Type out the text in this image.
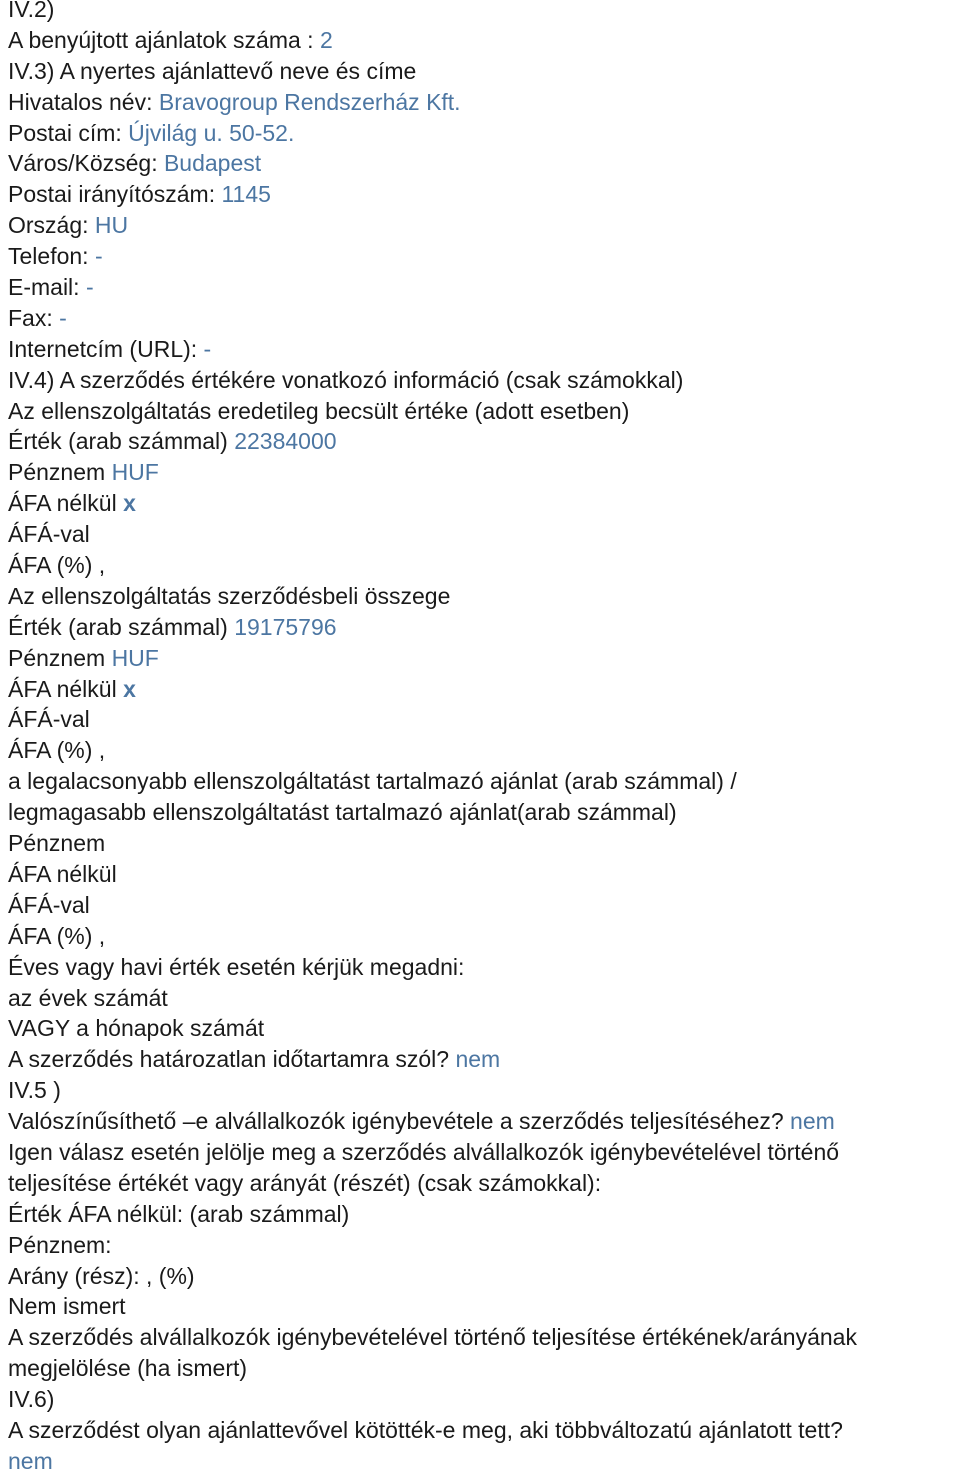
IV.2)
A benyújtott ajánlatok száma : 2
IV.3) A nyertes ajánlattevő neve és címe
Hivatalos név: Bravogroup Rendszerház Kft.
Postai cím: Újvilág u. 50-52.
Város/Község: Budapest
Postai irányítószám: 1145
Ország: HU
Telefon: -
E-mail: -
Fax: -
Internetcím (URL): -
IV.4) A szerződés értékére vonatkozó információ (csak számokkal)
Az ellenszolgáltatás eredetileg becsült értéke (adott esetben)
Érték (arab számmal) 22384000
Pénznem HUF
ÁFA nélkül x
ÁFÁ-val
ÁFA (%) ,
Az ellenszolgáltatás szerződésbeli összege
Érték (arab számmal) 19175796
Pénznem HUF
ÁFA nélkül x
ÁFÁ-val
ÁFA (%) ,
a legalacsonyabb ellenszolgáltatást tartalmazó ajánlat (arab számmal) /
legmagasabb ellenszolgáltatást tartalmazó ajánlat(arab számmal)
Pénznem
ÁFA nélkül
ÁFÁ-val
ÁFA (%) ,
Éves vagy havi érték esetén kérjük megadni:
az évek számát
VAGY a hónapok számát
A szerződés határozatlan időtartamra szól? nem
IV.5 )
Valószínűsíthető –e alvállalkozók igénybevétele a szerződés teljesítéséhez? nem
Igen válasz esetén jelölje meg a szerződés alvállalkozók igénybevételével történő
teljesítése értékét vagy arányát (részét) (csak számokkal):
Érték ÁFA nélkül: (arab számmal)
Pénznem:
Arány (rész): , (%)
Nem ismert
A szerződés alvállalkozók igénybevételével történő teljesítése értékének/arányának
megjelölése (ha ismert)
IV.6)
A szerződést olyan ajánlattevővel kötötték-e meg, aki többváltozatú ajánlatott tett?
nem
